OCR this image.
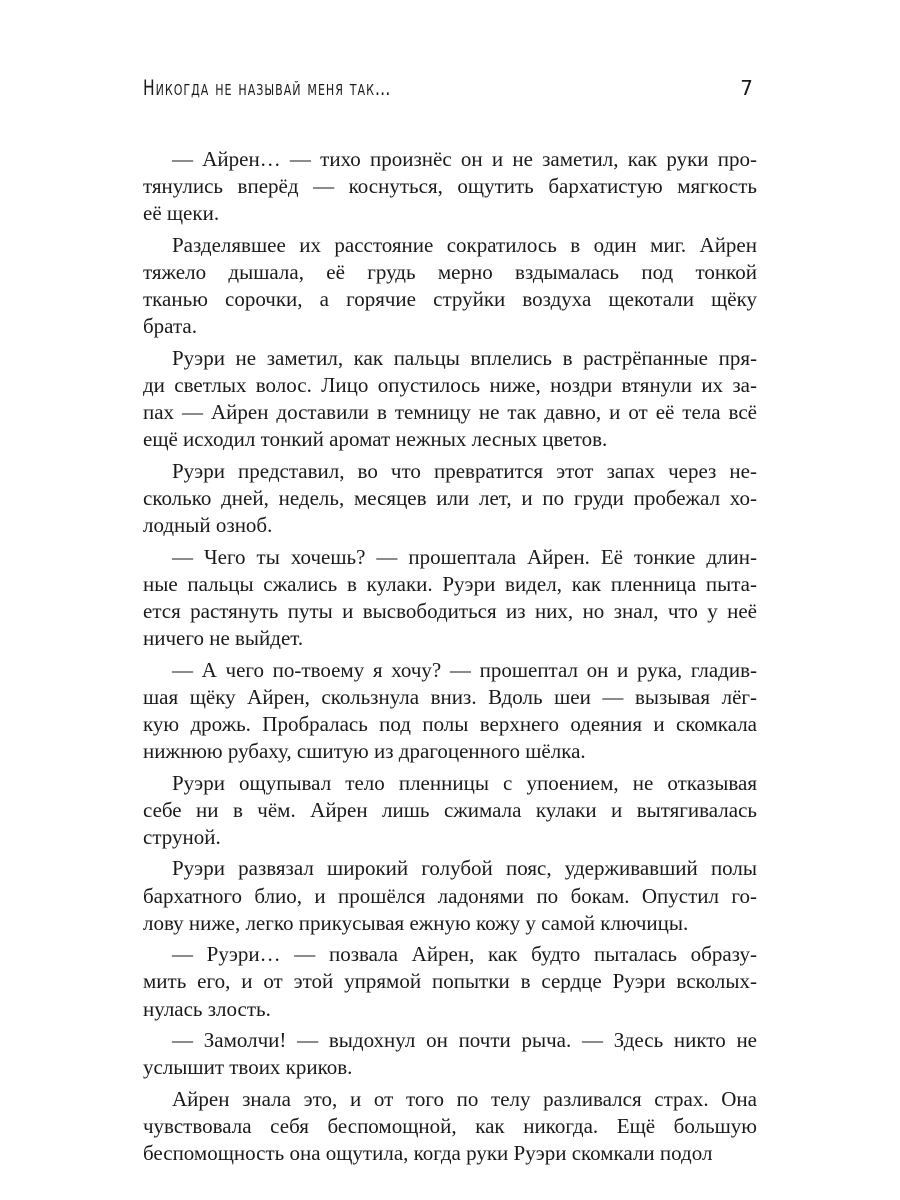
Никогда не называй меня так…	7

— Айрен… — тихо произнёс он и не заметил, как руки про-
тянулись вперёд — коснуться, ощутить бархатистую мягкость
её щеки.

Разделявшее их расстояние сократилось в один миг. Айрен
тяжело дышала, её грудь мерно вздымалась под тонкой
тканью сорочки, а горячие струйки воздуха щекотали щёку
брата.

Руэри не заметил, как пальцы вплелись в растрёпанные пря-
ди светлых волос. Лицо опустилось ниже, ноздри втянули их за-
пах — Айрен доставили в темницу не так давно, и от её тела всё
ещё исходил тонкий аромат нежных лесных цветов.

Руэри представил, во что превратится этот запах через не-
сколько дней, недель, месяцев или лет, и по груди пробежал хо-
лодный озноб.

— Чего ты хочешь? — прошептала Айрен. Её тонкие длин-
ные пальцы сжались в кулаки. Руэри видел, как пленница пыта-
ется растянуть путы и высвободиться из них, но знал, что у неё
ничего не выйдет.

— А чего по-твоему я хочу? — прошептал он и рука, гладив-
шая щёку Айрен, скользнула вниз. Вдоль шеи — вызывая лёг-
кую дрожь. Пробралась под полы верхнего одеяния и скомкала
нижнюю рубаху, сшитую из драгоценного шёлка.

Руэри ощупывал тело пленницы с упоением, не отказывая
себе ни в чём. Айрен лишь сжимала кулаки и вытягивалась
струной.

Руэри развязал широкий голубой пояс, удерживавший полы
бархатного блио, и прошёлся ладонями по бокам. Опустил го-
лову ниже, легко прикусывая ежную кожу у самой ключицы.

— Руэри… — позвала Айрен, как будто пыталась образу-
мить его, и от этой упрямой попытки в сердце Руэри всколых-
нулась злость.

— Замолчи! — выдохнул он почти рыча. — Здесь никто не
услышит твоих криков.

Айрен знала это, и от того по телу разливался страх. Она
чувствовала себя беспомощной, как никогда. Ещё большую
беспомощность она ощутила, когда руки Руэри скомкали подол
